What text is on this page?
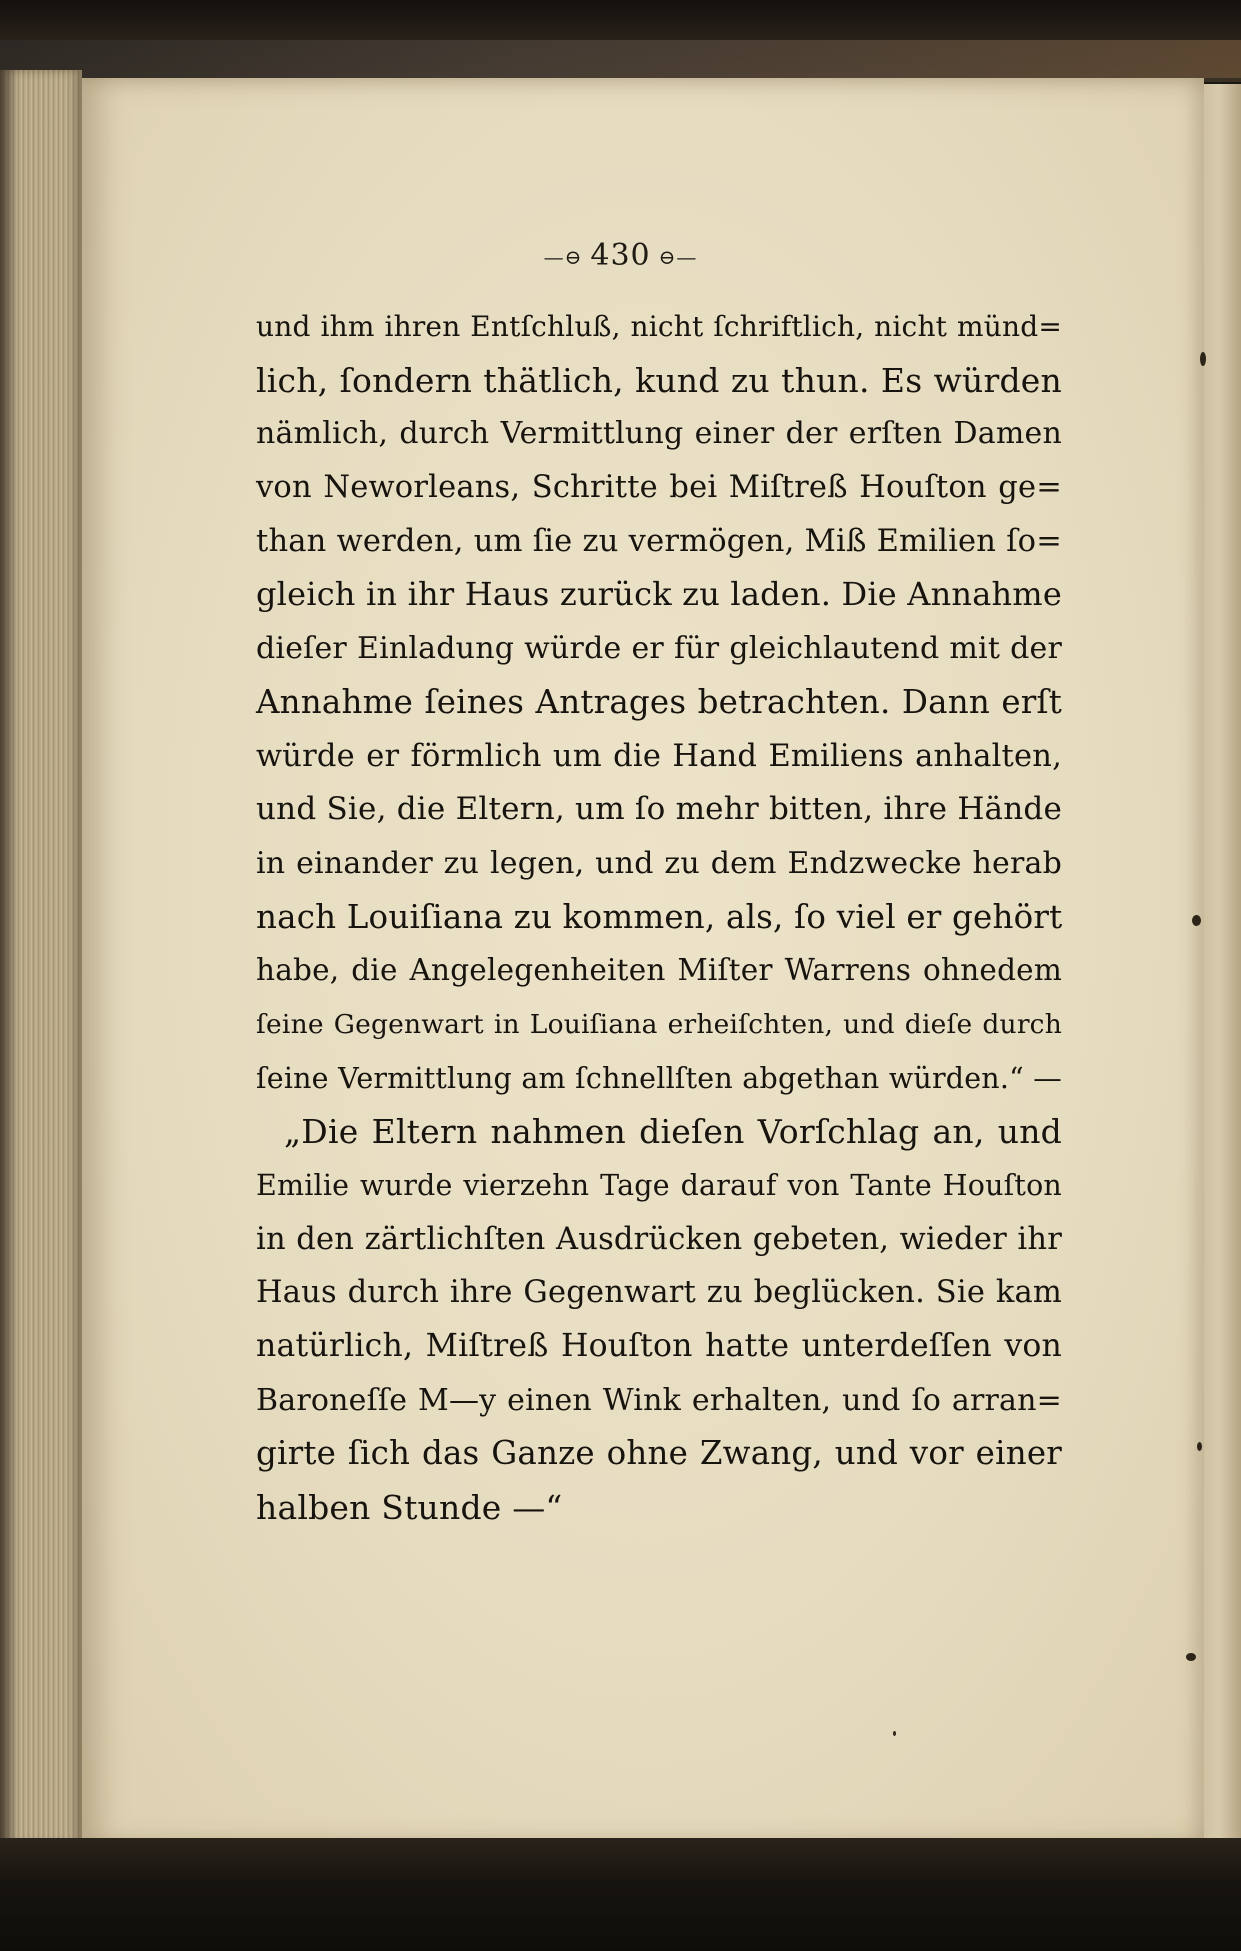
—⊖ 430 ⊖—
und ihm ihren Entſchluß, nicht ſchriftlich, nicht münd=
lich, ſondern thätlich, kund zu thun. Es würden
nämlich, durch Vermittlung einer der erſten Damen
von Neworleans, Schritte bei Miſtreß Houſton ge=
than werden, um ſie zu vermögen, Miß Emilien ſo=
gleich in ihr Haus zurück zu laden. Die Annahme
dieſer Einladung würde er für gleichlautend mit der
Annahme ſeines Antrages betrachten. Dann erſt
würde er förmlich um die Hand Emiliens anhalten,
und Sie, die Eltern, um ſo mehr bitten, ihre Hände
in einander zu legen, und zu dem Endzwecke herab
nach Louiſiana zu kommen, als, ſo viel er gehört
habe, die Angelegenheiten Miſter Warrens ohnedem
ſeine Gegenwart in Louiſiana erheiſchten, und dieſe durch
ſeine Vermittlung am ſchnellſten abgethan würden.“ —
„Die Eltern nahmen dieſen Vorſchlag an, und
Emilie wurde vierzehn Tage darauf von Tante Houſton
in den zärtlichſten Ausdrücken gebeten, wieder ihr
Haus durch ihre Gegenwart zu beglücken. Sie kam
natürlich, Miſtreß Houſton hatte unterdeſſen von
Baroneſſe M—y einen Wink erhalten, und ſo arran=
girte ſich das Ganze ohne Zwang, und vor einer
halben Stunde —“
